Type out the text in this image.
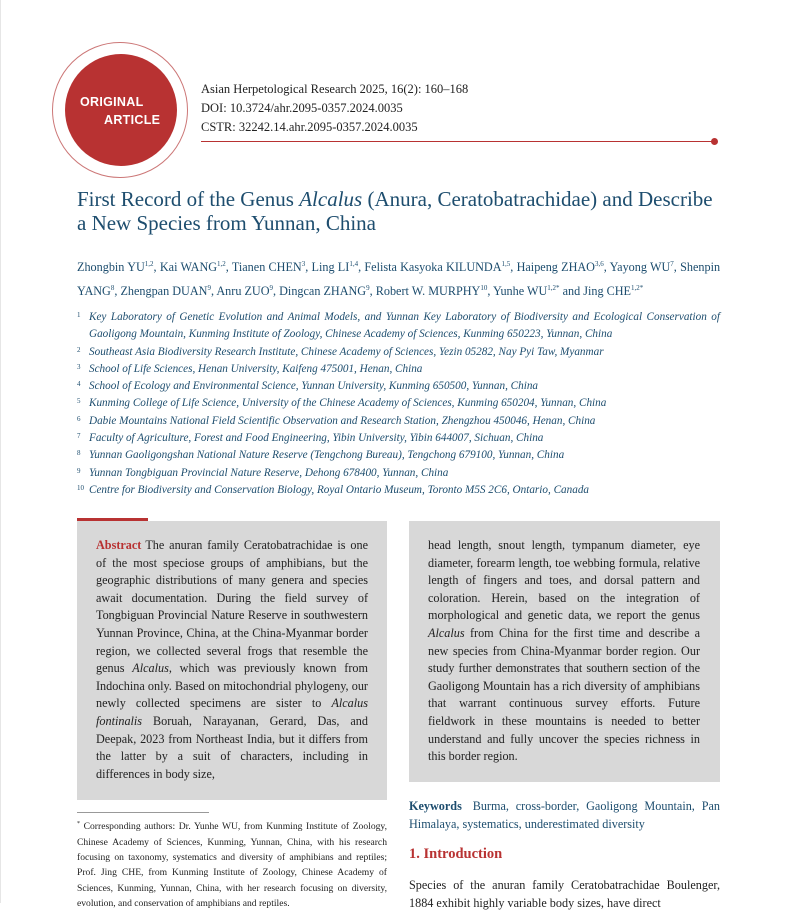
ORIGINAL
ARTICLE
Asian Herpetological Research 2025, 16(2): 160–168
DOI: 10.3724/ahr.2095-0357.2024.0035
CSTR: 32242.14.ahr.2095-0357.2024.0035
First Record of the Genus Alcalus (Anura, Ceratobatrachidae) and Describe a New Species from Yunnan, China
Zhongbin YU$^{1,2}$, Kai WANG$^{1,2}$, Tianen CHEN$^3$, Ling LI$^{1,4}$, Felista Kasyoka KILUNDA$^{1,5}$, Haipeng ZHAO$^{3,6}$, Yayong $WU^7$, Shenpin YANG$^8$, Zhengpan DUAN$^9$, Anru ZUO$^9$, Dingcan ZHANG$^9$, Robert W. MURPHY$^{10}$, Yunhe $WU^{1,2*}$ and Jing $CHE^{1,2*}$
1 Key Laboratory of Genetic Evolution and Animal Models, and Yunnan Key Laboratory of Biodiversity and Ecological Conservation of Gaoligong Mountain, Kunming Institute of Zoology, Chinese Academy of Sciences, Kunming 650223, Yunnan, China
2 Southeast Asia Biodiversity Research Institute, Chinese Academy of Sciences, Yezin 05282, Nay Pyi Taw, Myanmar
3 School of Life Sciences, Henan University, Kaifeng 475001, Henan, China
4 School of Ecology and Environmental Science, Yunnan University, Kunming 650500, Yunnan, China
5 Kunming College of Life Science, University of the Chinese Academy of Sciences, Kunming 650204, Yunnan, China
6 Dabie Mountains National Field Scientific Observation and Research Station, Zhengzhou 450046, Henan, China
7 Faculty of Agriculture, Forest and Food Engineering, Yibin University, Yibin 644007, Sichuan, China
8 Yunnan Gaoligongshan National Nature Reserve (Tengchong Bureau), Tengchong 679100, Yunnan, China
9 Yunnan Tongbiguan Provincial Nature Reserve, Dehong 678400, Yunnan, China
10 Centre for Biodiversity and Conservation Biology, Royal Ontario Museum, Toronto M5S 2C6, Ontario, Canada
Abstract The anuran family Ceratobatrachidae is one of the most speciose groups of amphibians, but the geographic distributions of many genera and species await documentation. During the field survey of Tongbiguan Provincial Nature Reserve in southwestern Yunnan Province, China, at the China-Myanmar border region, we collected several frogs that resemble the genus Alcalus, which was previously known from Indochina only. Based on mitochondrial phylogeny, our newly collected specimens are sister to Alcalus fontinalis Boruah, Narayanan, Gerard, Das, and Deepak, 2023 from Northeast India, but it differs from the latter by a suit of characters, including in differences in body size,
head length, snout length, tympanum diameter, eye diameter, forearm length, toe webbing formula, relative length of fingers and toes, and dorsal pattern and coloration. Herein, based on the integration of morphological and genetic data, we report the genus Alcalus from China for the first time and describe a new species from China-Myanmar border region. Our study further demonstrates that southern section of the Gaoligong Mountain has a rich diversity of amphibians that warrant continuous survey efforts. Future fieldwork in these mountains is needed to better understand and fully uncover the species richness in this border region.
* Corresponding authors: Dr. Yunhe WU, from Kunming Institute of Zoology, Chinese Academy of Sciences, Kunming, Yunnan, China, with his research focusing on taxonomy, systematics and diversity of amphibians and reptiles; Prof. Jing CHE, from Kunming Institute of Zoology, Chinese Academy of Sciences, Kunming, Yunnan, China, with her research focusing on diversity, evolution, and conservation of amphibians and reptiles.
Keywords Burma, cross-border, Gaoligong Mountain, Pan Himalaya, systematics, underestimated diversity
1. Introduction
Species of the anuran family Ceratobatrachidae Boulenger, 1884 exhibit highly variable body sizes, have direct
